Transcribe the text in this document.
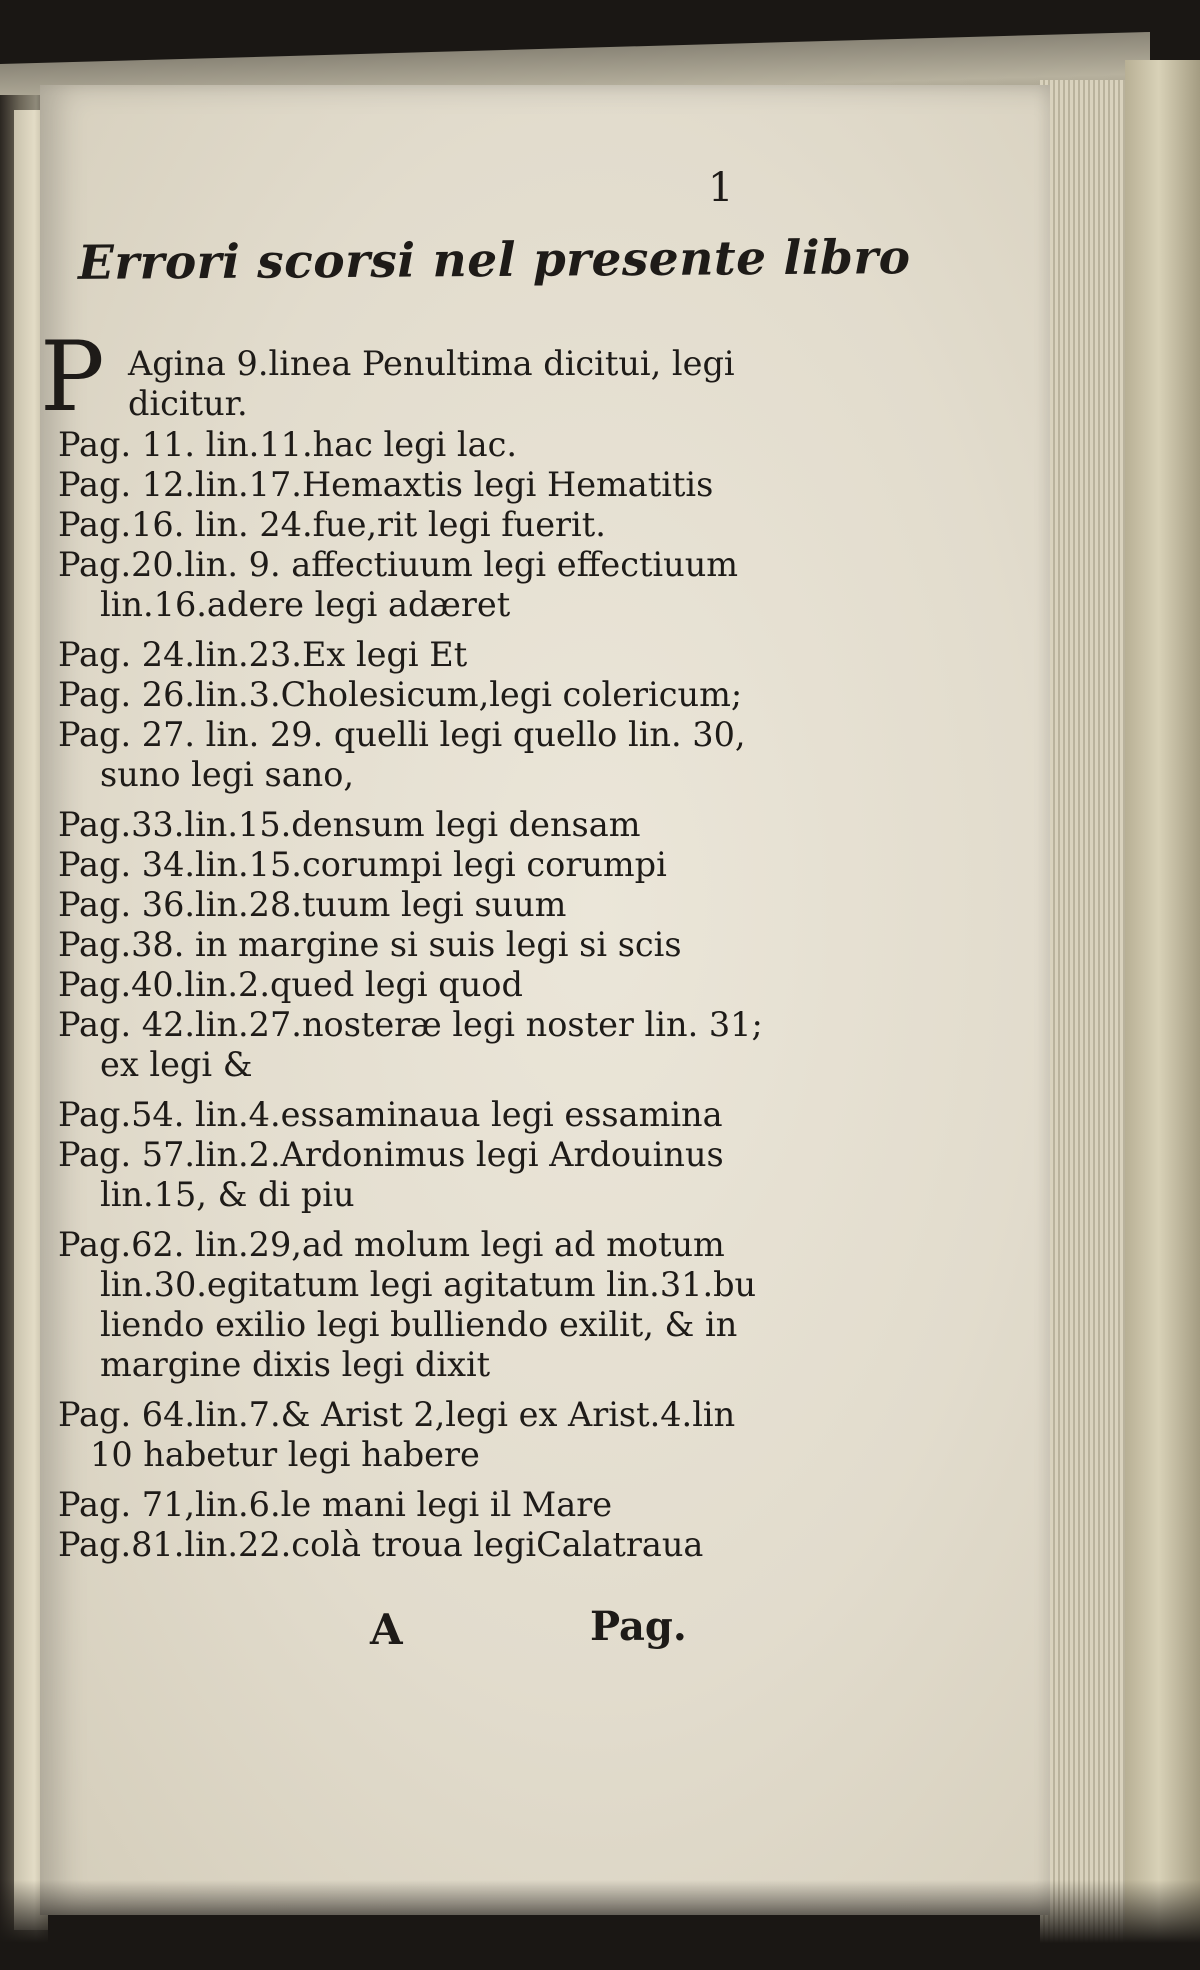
1
Errori scorsi nel presente libro
P Agina 9.linea Penultima dicitui, legi
dicitur.
Pag. 11. lin.11.hac legi lac.
Pag. 12.lin.17.Hemaxtis legi Hematitis
Pag.16. lin. 24.fue,rit legi fuerit.
Pag.20.lin. 9. affectiuum legi effectiuum
lin.16.adere legi adæret
Pag. 24.lin.23.Ex legi Et
Pag. 26.lin.3.Cholesicum,legi colericum;
Pag. 27. lin. 29. quelli legi quello lin. 30,
suno legi sano,
Pag.33.lin.15.densum legi densam
Pag. 34.lin.15.corumpi legi corumpi
Pag. 36.lin.28.tuum legi suum
Pag.38. in margine si suis legi si scis
Pag.40.lin.2.qued legi quod
Pag. 42.lin.27.nosteræ legi noster lin. 31;
ex legi &
Pag.54. lin.4.essaminaua legi essamina
Pag. 57.lin.2.Ardonimus legi Ardouinus
lin.15, & di piu
Pag.62. lin.29,ad molum legi ad motum
lin.30.egitatum legi agitatum lin.31.bu
liendo exilio legi bulliendo exilit, & in
margine dixis legi dixit
Pag. 64.lin.7.& Arist 2,legi ex Arist.4.lin
10 habetur legi habere
Pag. 71,lin.6.le mani legi il Mare
Pag.81.lin.22.colà troua legiCalatraua
A	Pag.
